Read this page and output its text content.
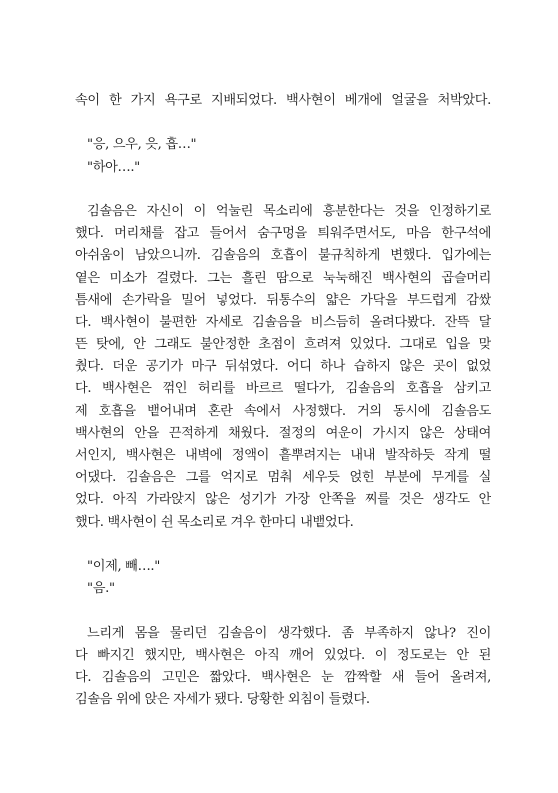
속이 한 가지 욕구로 지배되었다. 백사현이 베개에 얼굴을 처박았다.
"응, 으우, 읏, 흡…"
"하아…."
김솔음은 자신이 이 억눌린 목소리에 흥분한다는 것을 인정하기로
했다. 머리채를 잡고 들어서 숨구멍을 틔워주면서도, 마음 한구석에
아쉬움이 남았으니까. 김솔음의 호흡이 불규칙하게 변했다. 입가에는
옅은 미소가 걸렸다. 그는 흘린 땀으로 눅눅해진 백사현의 곱슬머리
틈새에 손가락을 밀어 넣었다. 뒤통수의 얇은 가닥을 부드럽게 감쌌
다. 백사현이 불편한 자세로 김솔음을 비스듬히 올려다봤다. 잔뜩 달
뜬 탓에, 안 그래도 불안정한 초점이 흐려져 있었다. 그대로 입을 맞
췄다. 더운 공기가 마구 뒤섞였다. 어디 하나 습하지 않은 곳이 없었
다. 백사현은 꺾인 허리를 바르르 떨다가, 김솔음의 호흡을 삼키고
제 호흡을 뱉어내며 혼란 속에서 사정했다. 거의 동시에 김솔음도
백사현의 안을 끈적하게 채웠다. 절정의 여운이 가시지 않은 상태여
서인지, 백사현은 내벽에 정액이 흩뿌려지는 내내 발작하듯 작게 떨
어댔다. 김솔음은 그를 억지로 멈춰 세우듯 얹힌 부분에 무게를 실
었다. 아직 가라앉지 않은 성기가 가장 안쪽을 찌를 것은 생각도 안
했다. 백사현이 쉰 목소리로 겨우 한마디 내뱉었다.
"이제, 빼…."
"음."
느리게 몸을 물리던 김솔음이 생각했다. 좀 부족하지 않나? 진이
다 빠지긴 했지만, 백사현은 아직 깨어 있었다. 이 정도로는 안 된
다. 김솔음의 고민은 짧았다. 백사현은 눈 깜짝할 새 들어 올려져,
김솔음 위에 앉은 자세가 됐다. 당황한 외침이 들렸다.
